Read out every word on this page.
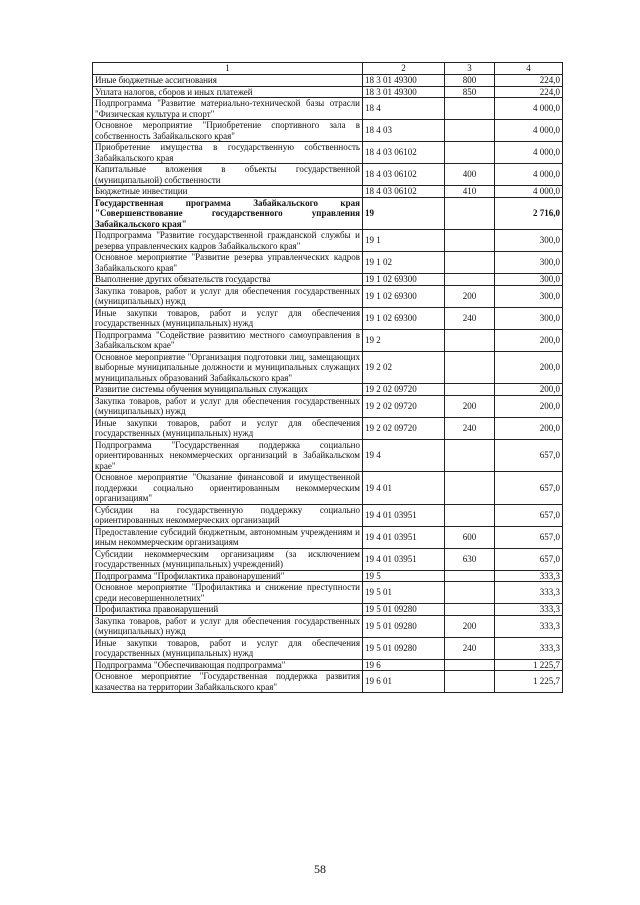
1	2	3	4
Иные бюджетные ассигнования	18 3 01 49300	800	224,0
Уплата налогов, сборов и иных платежей	18 3 01 49300	850	224,0
Подпрограмма "Развитие материально-технической базы отрасли "Физическая культура и спорт"	18 4		4 000,0
Основное мероприятие "Приобретение спортивного зала в собственность Забайкальского края"	18 4 03		4 000,0
Приобретение имущества в государственную собственность Забайкальского края	18 4 03 06102		4 000,0
Капитальные вложения в объекты государственной (муниципальной) собственности	18 4 03 06102	400	4 000,0
Бюджетные инвестиции	18 4 03 06102	410	4 000,0
Государственная программа Забайкальского края "Совершенствование государственного управления Забайкальского края"	19		2 716,0
Подпрограмма "Развитие государственной гражданской службы и резерва управленческих кадров Забайкальского края"	19 1		300,0
Основное мероприятие "Развитие резерва управленческих кадров Забайкальского края"	19 1 02		300,0
Выполнение других обязательств государства	19 1 02 69300		300,0
Закупка товаров, работ и услуг для обеспечения государственных (муниципальных) нужд	19 1 02 69300	200	300,0
Иные закупки товаров, работ и услуг для обеспечения государственных (муниципальных) нужд	19 1 02 69300	240	300,0
Подпрограмма "Содействие развитию местного самоуправления в Забайкальском крае"	19 2		200,0
Основное мероприятие "Организация подготовки лиц, замещающих выборные муниципальные должности и муниципальных служащих муниципальных образований Забайкальского края"	19 2 02		200,0
Развитие системы обучения муниципальных служащих	19 2 02 09720		200,0
Закупка товаров, работ и услуг для обеспечения государственных (муниципальных) нужд	19 2 02 09720	200	200,0
Иные закупки товаров, работ и услуг для обеспечения государственных (муниципальных) нужд	19 2 02 09720	240	200,0
Подпрограмма "Государственная поддержка социально ориентированных некоммерческих организаций в Забайкальском крае"	19 4		657,0
Основное мероприятие "Оказание финансовой и имущественной поддержки социально ориентированным некоммерческим организациям"	19 4 01		657,0
Субсидии на государственную поддержку социально ориентированных некоммерческих организаций	19 4 01 03951		657,0
Предоставление субсидий бюджетным, автономным учреждениям и иным некоммерческим организациям	19 4 01 03951	600	657,0
Субсидии некоммерческим организациям (за исключением государственных (муниципальных) учреждений)	19 4 01 03951	630	657,0
Подпрограмма "Профилактика правонарушений"	19 5		333,3
Основное мероприятие "Профилактика и снижение преступности среди несовершеннолетних"	19 5 01		333,3
Профилактика правонарушений	19 5 01 09280		333,3
Закупка товаров, работ и услуг для обеспечения государственных (муниципальных) нужд	19 5 01 09280	200	333,3
Иные закупки товаров, работ и услуг для обеспечения государственных (муниципальных) нужд	19 5 01 09280	240	333,3
Подпрограмма "Обеспечивающая подпрограмма"	19 6		1 225,7
Основное мероприятие "Государственная поддержка развития казачества на территории Забайкальского края"	19 6 01		1 225,7
58
